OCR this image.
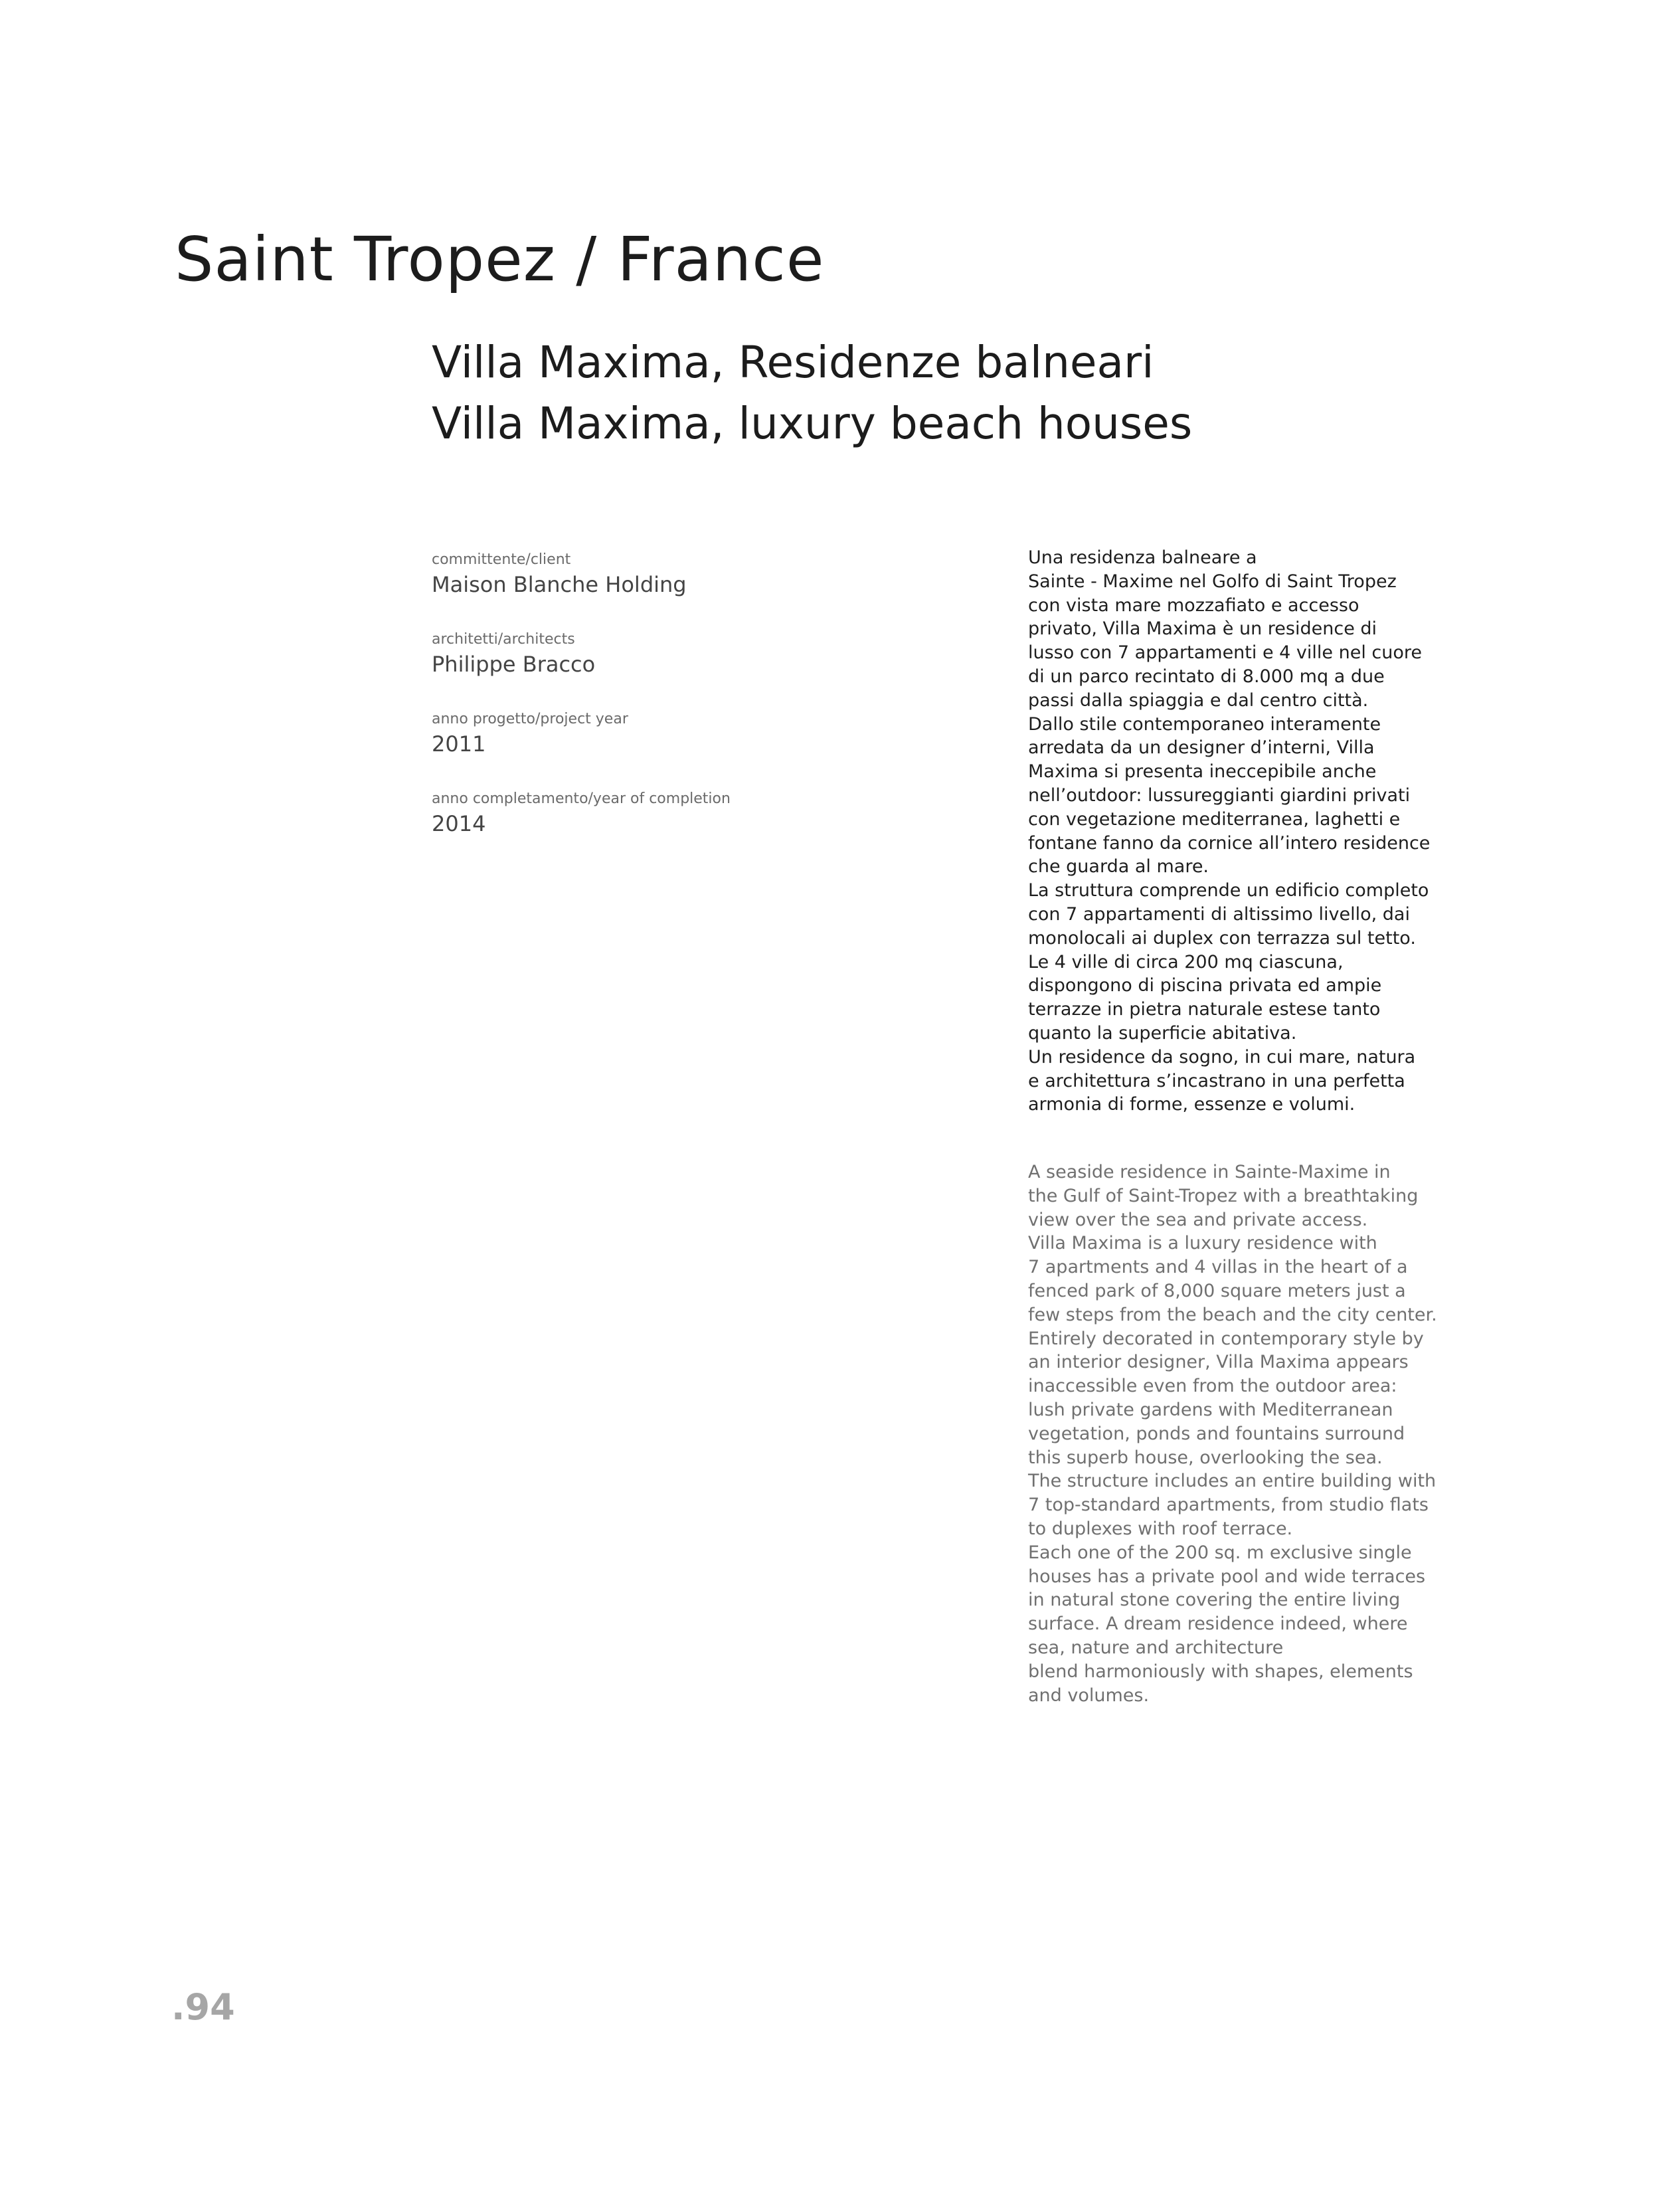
Saint Tropez / France
Villa Maxima, Residenze balneari
Villa Maxima, luxury beach houses
committente/client
Maison Blanche Holding
architetti/architects
Philippe Bracco
anno progetto/project year
2011
anno completamento/year of completion
2014
Una residenza balneare a
Sainte - Maxime nel Golfo di Saint Tropez
con vista mare mozzafiato e accesso
privato, Villa Maxima è un residence di
lusso con 7 appartamenti e 4 ville nel cuore
di un parco recintato di 8.000 mq a due
passi dalla spiaggia e dal centro città.
Dallo stile contemporaneo interamente
arredata da un designer d’interni, Villa
Maxima si presenta ineccepibile anche
nell’outdoor: lussureggianti giardini privati
con vegetazione mediterranea, laghetti e
fontane fanno da cornice all’intero residence
che guarda al mare.
La struttura comprende un edificio completo
con 7 appartamenti di altissimo livello, dai
monolocali ai duplex con terrazza sul tetto.
Le 4 ville di circa 200 mq ciascuna,
dispongono di piscina privata ed ampie
terrazze in pietra naturale estese tanto
quanto la superficie abitativa.
Un residence da sogno, in cui mare, natura
e architettura s’incastrano in una perfetta
armonia di forme, essenze e volumi.
A seaside residence in Sainte-Maxime in
the Gulf of Saint-Tropez with a breathtaking
view over the sea and private access.
Villa Maxima is a luxury residence with
7 apartments and 4 villas in the heart of a
fenced park of 8,000 square meters just a
few steps from the beach and the city center.
Entirely decorated in contemporary style by
an interior designer, Villa Maxima appears
inaccessible even from the outdoor area:
lush private gardens with Mediterranean
vegetation, ponds and fountains surround
this superb house, overlooking the sea.
The structure includes an entire building with
7 top-standard apartments, from studio flats
to duplexes with roof terrace.
Each one of the 200 sq. m exclusive single
houses has a private pool and wide terraces
in natural stone covering the entire living
surface. A dream residence indeed, where
sea, nature and architecture
blend harmoniously with shapes, elements
and volumes.
.94
